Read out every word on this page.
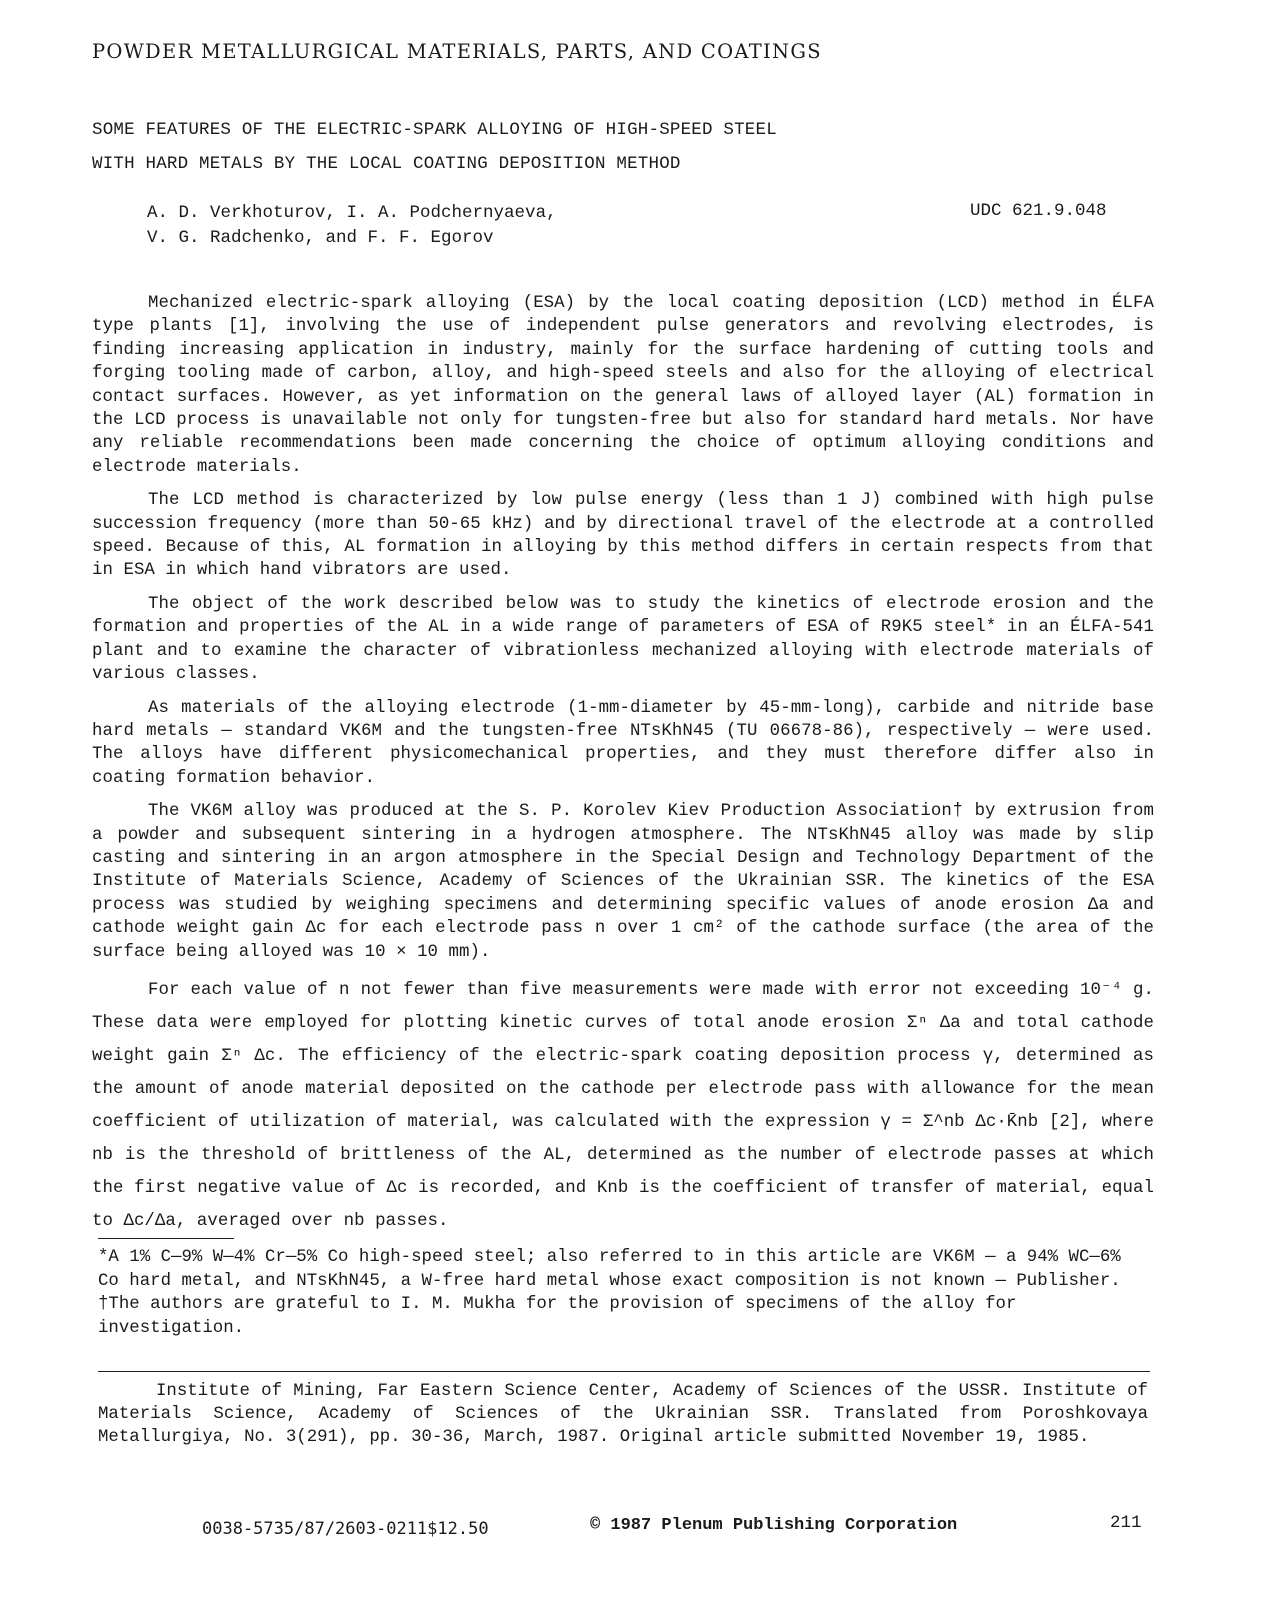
POWDER METALLURGICAL MATERIALS, PARTS, AND COATINGS
SOME FEATURES OF THE ELECTRIC-SPARK ALLOYING OF HIGH-SPEED STEEL
WITH HARD METALS BY THE LOCAL COATING DEPOSITION METHOD
A. D. Verkhoturov, I. A. Podchernyaeva,
V. G. Radchenko, and F. F. Egorov
UDC 621.9.048

Mechanized electric-spark alloying (ESA) by the local coating deposition (LCD) method in ÉLFA type plants [1], involving the use of independent pulse generators and revolving electrodes, is finding increasing application in industry, mainly for the surface hardening of cutting tools and forging tooling made of carbon, alloy, and high-speed steels and also for the alloying of electrical contact surfaces. However, as yet information on the general laws of alloyed layer (AL) formation in the LCD process is unavailable not only for tungsten-free but also for standard hard metals. Nor have any reliable recommendations been made concerning the choice of optimum alloying conditions and electrode materials.

The LCD method is characterized by low pulse energy (less than 1 J) combined with high pulse succession frequency (more than 50-65 kHz) and by directional travel of the electrode at a controlled speed. Because of this, AL formation in alloying by this method differs in certain respects from that in ESA in which hand vibrators are used.

The object of the work described below was to study the kinetics of electrode erosion and the formation and properties of the AL in a wide range of parameters of ESA of R9K5 steel* in an ÉLFA-541 plant and to examine the character of vibrationless mechanized alloying with electrode materials of various classes.

As materials of the alloying electrode (1-mm-diameter by 45-mm-long), carbide and nitride base hard metals — standard VK6M and the tungsten-free NTsKhN45 (TU 06678-86), respectively — were used. The alloys have different physicomechanical properties, and they must therefore differ also in coating formation behavior.

The VK6M alloy was produced at the S. P. Korolev Kiev Production Association† by extrusion from a powder and subsequent sintering in a hydrogen atmosphere. The NTsKhN45 alloy was made by slip casting and sintering in an argon atmosphere in the Special Design and Technology Department of the Institute of Materials Science, Academy of Sciences of the Ukrainian SSR. The kinetics of the ESA process was studied by weighing specimens and determining specific values of anode erosion Δa and cathode weight gain Δc for each electrode pass n over 1 cm² of the cathode surface (the area of the surface being alloyed was 10 × 10 mm).

For each value of n not fewer than five measurements were made with error not exceeding 10⁻⁴ g. These data were employed for plotting kinetic curves of total anode erosion Σⁿ Δa and total cathode weight gain Σⁿ Δc. The efficiency of the electric-spark coating deposition process γ, determined as the amount of anode material deposited on the cathode per electrode pass with allowance for the mean coefficient of utilization of material, was calculated with the expression γ = Σ^nb Δc·K̄nb [2], where nb is the threshold of brittleness of the AL, determined as the number of electrode passes at which the first negative value of Δc is recorded, and Knb is the coefficient of transfer of material, equal to Δc/Δa, averaged over nb passes.

*A 1% C—9% W—4% Cr—5% Co high-speed steel; also referred to in this article are VK6M — a 94% WC—6% Co hard metal, and NTsKhN45, a W-free hard metal whose exact composition is not known — Publisher.

†The authors are grateful to I. M. Mukha for the provision of specimens of the alloy for investigation.

Institute of Mining, Far Eastern Science Center, Academy of Sciences of the USSR. Institute of Materials Science, Academy of Sciences of the Ukrainian SSR. Translated from Poroshkovaya Metallurgiya, No. 3(291), pp. 30-36, March, 1987. Original article submitted November 19, 1985.

0038-5735/87/2603-0211$12.50	© 1987 Plenum Publishing Corporation	211
